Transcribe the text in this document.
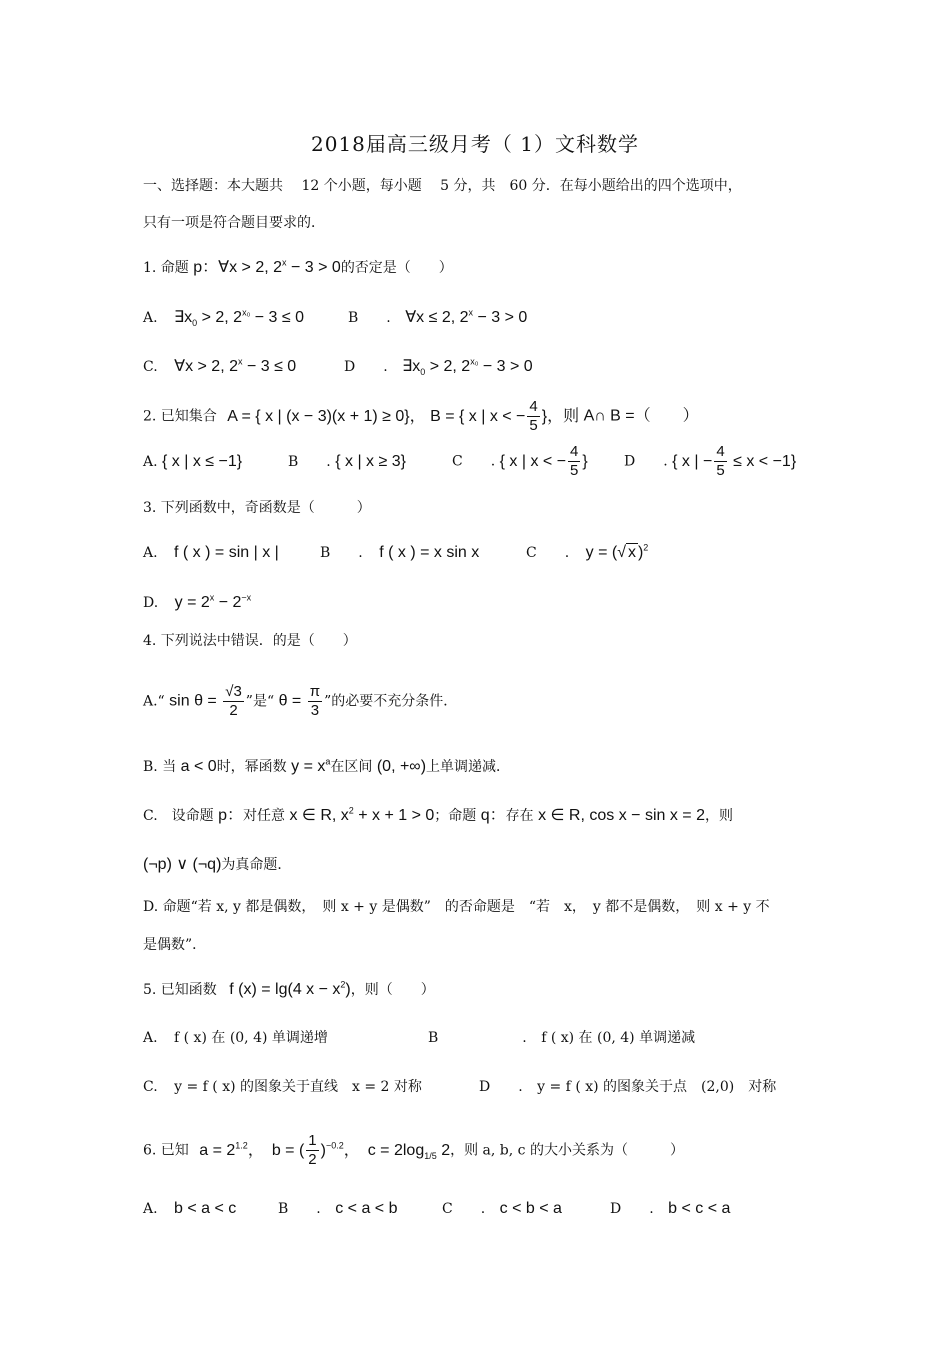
2018届高三级月考（ 1）文科数学
一、选择题：本大题共　 12 个小题，每小题　 5 分，共　60 分．在每小题给出的四个选项中，
只有一项是符合题目要求的．
1. 命题 p：∀x > 2, $2^x - 3 > 0$的否定是（　　）
A. $\exists x_0 > 2$, $2^{x_0} - 3 \le 0$	B　　. ∀x ≤ 2, $2^x - 3 > 0$
C. ∀x > 2, $2^x - 3 \le 0$	D　　. $\exists x_0 > 2$, $2^{x_0} - 3 > 0$
2. 已知集合 A = { x | (x − 3)(x + 1) ≥ 0}， B = { x | x < − $\frac{4}{5}$ }，则 A∩ B =（　　）
A. { x | x ≤ −1}	B　　. { x | x ≥ 3}	C　　. { x | x < − $\frac{4}{5}$ }	D　　. { x | − $\frac{4}{5} \le x < -1$}
3. 下列函数中，奇函数是（　　　）
A. f ( x ) = sin | x |	B　　. f ( x ) = x sin x	C　　. y = (√ x )$^2$
D. $y = 2^x - 2^{-x}$
4. 下列说法中错误．的是（　　）
A.“ $\sin \theta = \frac{√3}{2}$ ”是“ $\theta = \frac{\pi}{3}$ ”的必要不充分条件．
B. 当 a < 0时，幂函数 $y = x^a$在区间 (0, +∞)上单调递减．
C.　设命题 p：对任意 x ∈ R, $x^2 + x + 1 > 0$；命题 q：存在 x ∈ R, cos x − sin x = 2，则
(¬p) ∨ (¬q)为真命题．
D. 命题“若 x, y 都是偶数，　则 x + y 是偶数”　的否命题是　“若　x，　y 都不是偶数，　则 x + y 不
是偶数”．
5. 已知函数 f (x) = lg(4 $x - x^2$)，则（　　）
A. f ( x) 在 (0, 4) 单调递增	B　　　　　　. f ( x) 在 (0, 4) 单调递减
C. y = f ( x) 的图象关于直线　x = 2 对称	D　　. y = f ( x) 的图象关于点　(2,0)　对称
6. 已知 $a = 2^{1.2}$，　b = ( $\frac{1}{2} )^{-0.2}$，　$c = 2\log_{1/5}$ 2，则 a, b, c 的大小关系为（　　　）
A. b < a < c	B　　. c < a < b	C　　. c < b < a	D　　. b < c < a
